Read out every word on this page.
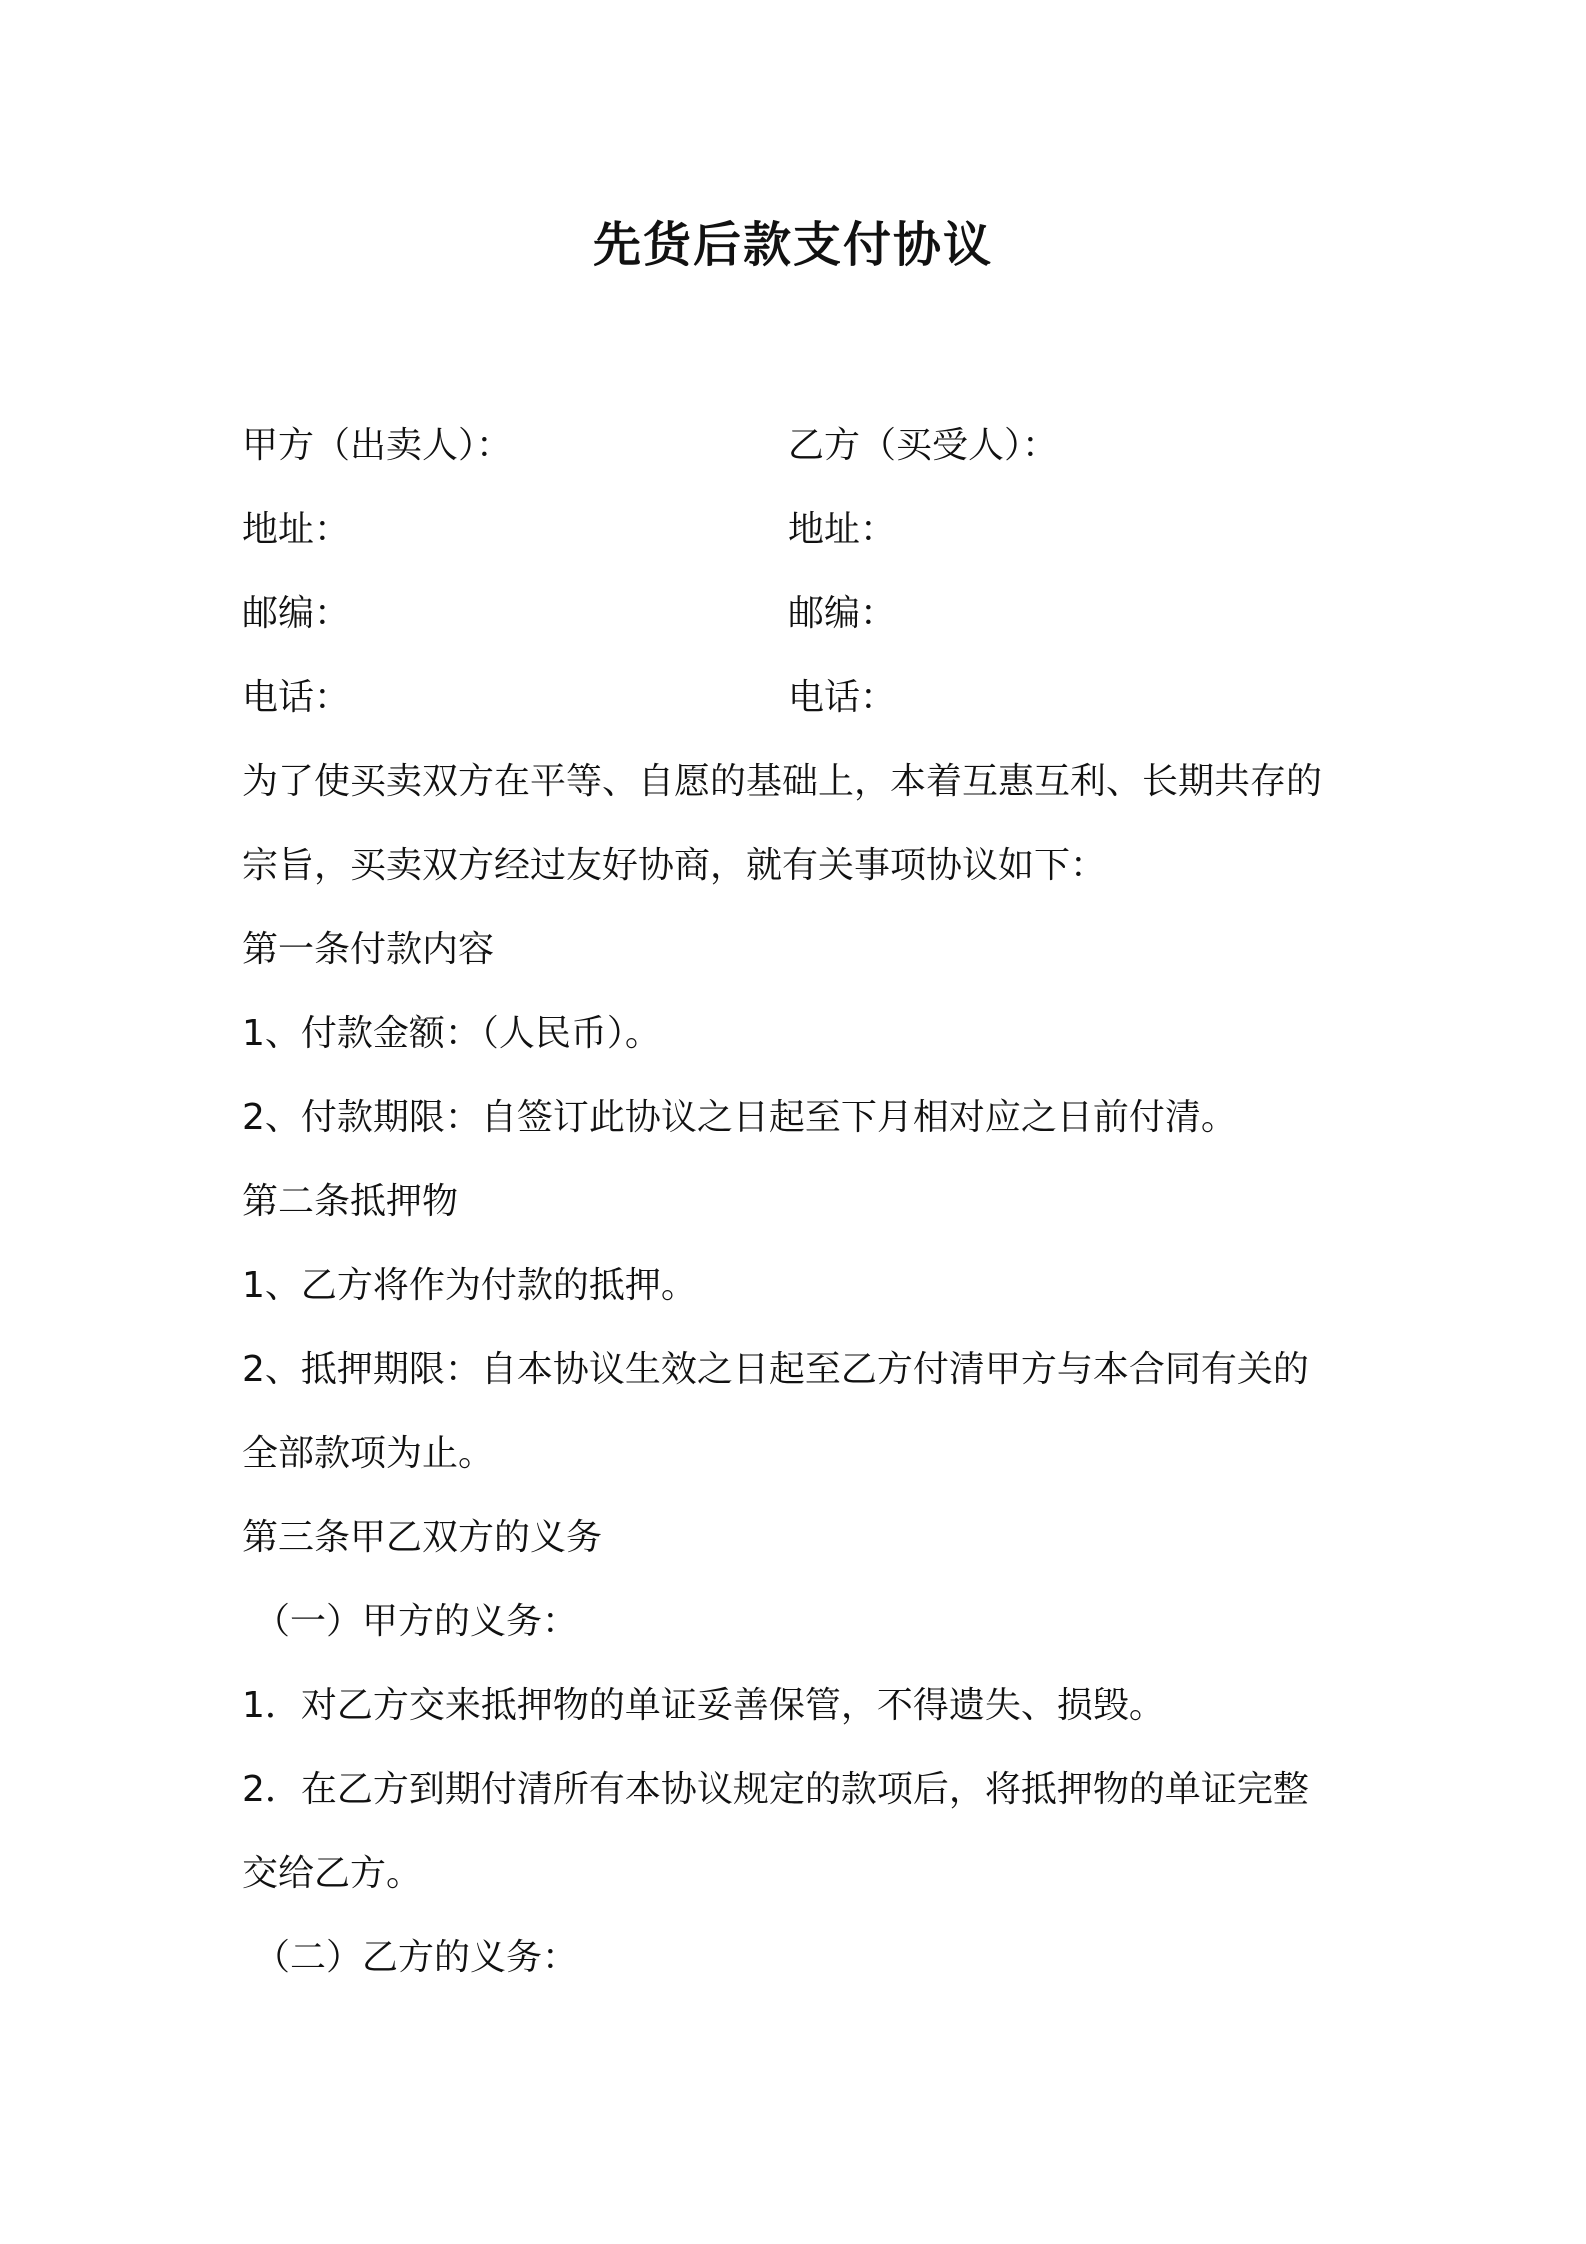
先货后款支付协议
甲方（出卖人）：	乙方（买受人）：
地址：	地址：
邮编：	邮编：
电话：	电话：
为了使买卖双方在平等、自愿的基础上，本着互惠互利、长期共存的
宗旨，买卖双方经过友好协商，就有关事项协议如下：
第一条付款内容
1、付款金额：（人民币）。
2、付款期限：自签订此协议之日起至下月相对应之日前付清。
第二条抵押物
1、乙方将作为付款的抵押。
2、抵押期限：自本协议生效之日起至乙方付清甲方与本合同有关的
全部款项为止。
第三条甲乙双方的义务
（一）甲方的义务：
1．对乙方交来抵押物的单证妥善保管，不得遗失、损毁。
2．在乙方到期付清所有本协议规定的款项后，将抵押物的单证完整
交给乙方。
（二）乙方的义务：
